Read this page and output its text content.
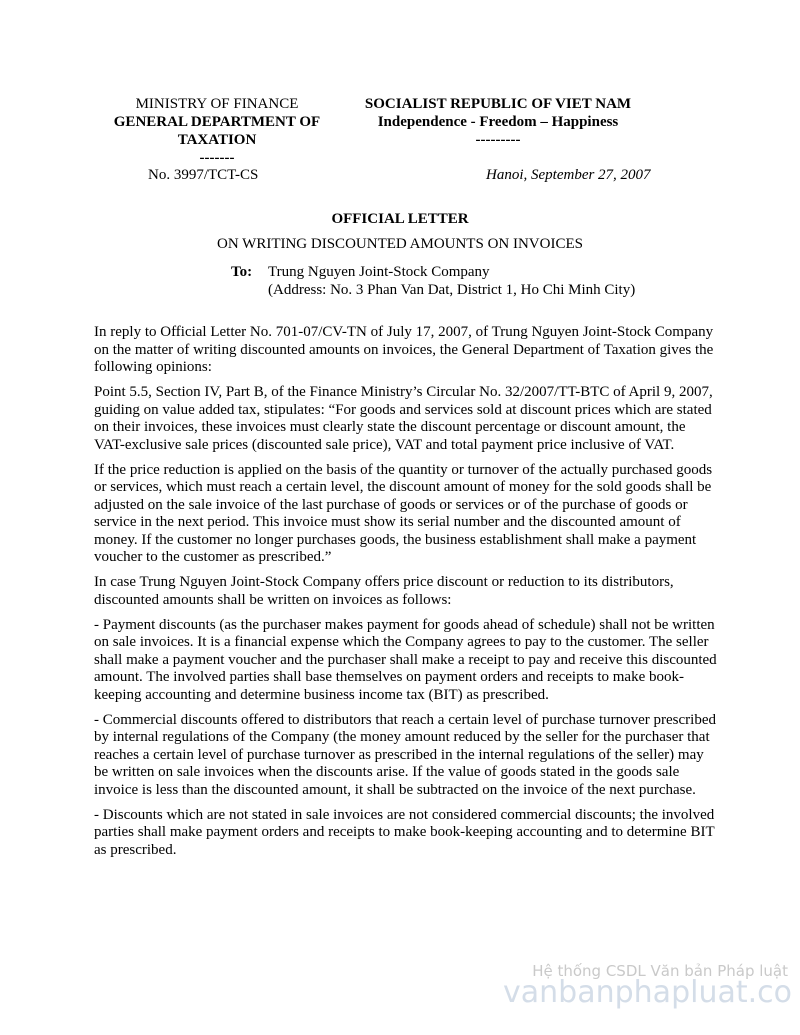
MINISTRY OF FINANCE
GENERAL DEPARTMENT OF
TAXATION
-------
SOCIALIST REPUBLIC OF VIET NAM
Independence - Freedom – Happiness
---------
No. 3997/TCT-CS	Hanoi, September 27, 2007
OFFICIAL LETTER
ON WRITING DISCOUNTED AMOUNTS ON INVOICES
To: Trung Nguyen Joint-Stock Company
(Address: No. 3 Phan Van Dat, District 1, Ho Chi Minh City)

In reply to Official Letter No. 701-07/CV-TN of July 17, 2007, of Trung Nguyen Joint-Stock Company on the matter of writing discounted amounts on invoices, the General Department of Taxation gives the following opinions:

Point 5.5, Section IV, Part B, of the Finance Ministry’s Circular No. 32/2007/TT-BTC of April 9, 2007, guiding on value added tax, stipulates: “For goods and services sold at discount prices which are stated on their invoices, these invoices must clearly state the discount percentage or discount amount, the VAT-exclusive sale prices (discounted sale price), VAT and total payment price inclusive of VAT.

If the price reduction is applied on the basis of the quantity or turnover of the actually purchased goods or services, which must reach a certain level, the discount amount of money for the sold goods shall be adjusted on the sale invoice of the last purchase of goods or services or of the purchase of goods or service in the next period. This invoice must show its serial number and the discounted amount of money. If the customer no longer purchases goods, the business establishment shall make a payment voucher to the customer as prescribed.”

In case Trung Nguyen Joint-Stock Company offers price discount or reduction to its distributors, discounted amounts shall be written on invoices as follows:

- Payment discounts (as the purchaser makes payment for goods ahead of schedule) shall not be written on sale invoices. It is a financial expense which the Company agrees to pay to the customer. The seller shall make a payment voucher and the purchaser shall make a receipt to pay and receive this discounted amount. The involved parties shall base themselves on payment orders and receipts to make book-keeping accounting and determine business income tax (BIT) as prescribed.

- Commercial discounts offered to distributors that reach a certain level of purchase turnover prescribed by internal regulations of the Company (the money amount reduced by the seller for the purchaser that reaches a certain level of purchase turnover as prescribed in the internal regulations of the seller) may be written on sale invoices when the discounts arise. If the value of goods stated in the goods sale invoice is less than the discounted amount, it shall be subtracted on the invoice of the next purchase.

- Discounts which are not stated in sale invoices are not considered commercial discounts; the involved parties shall make payment orders and receipts to make book-keeping accounting and to determine BIT as prescribed.

Hệ thống CSDL Văn bản Pháp luật
vanbanphapluat.co
